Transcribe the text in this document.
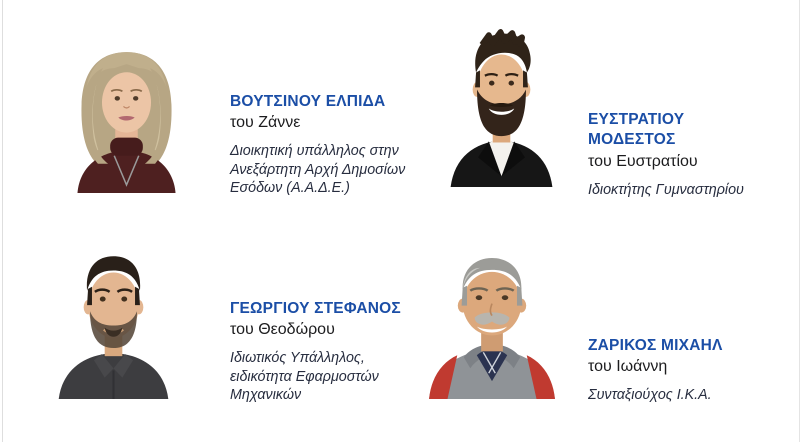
ΒΟΥΤΣΙΝΟΥ ΕΛΠΙΔΑ
του Ζάννε
Διοικητική υπάλληλος στην Ανεξάρτητη Αρχή Δημοσίων Εσόδων (Α.Α.Δ.Ε.)
ΕΥΣΤΡΑΤΙΟΥ ΜΟΔΕΣΤΟΣ
του Ευστρατίου
Ιδιοκτήτης Γυμναστηρίου
ΓΕΩΡΓΙΟΥ ΣΤΕΦΑΝΟΣ
του Θεοδώρου
Ιδιωτικός Υπάλληλος, ειδικότητα Εφαρμοστών Μηχανικών
ΖΑΡΙΚΟΣ ΜΙΧΑΗΛ
του Ιωάννη
Συνταξιούχος Ι.Κ.Α.
